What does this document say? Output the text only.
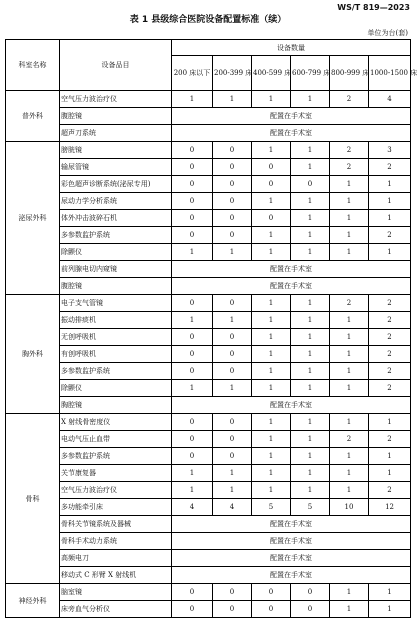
WS/T 819—2023
表 1 县级综合医院设备配置标准（续）
单位为台(套)
科室名称	设备品目	设备数量					
		200 床以下	200-399 床	400-599 床	600-799 床	800-999 床	1000-1500 床
普外科	空气压力波治疗仪	1	1	1	1	2	4
	腹腔镜	配置在手术室					
	超声刀系统	配置在手术室					
泌尿外科	膀胱镜	0	0	1	1	2	3
	输尿管镜	0	0	0	1	2	2
	彩色超声诊断系统(泌尿专用)	0	0	0	0	1	1
	尿动力学分析系统	0	0	1	1	1	1
	体外冲击波碎石机	0	0	0	1	1	1
	多参数监护系统	0	0	1	1	1	2
	除颤仪	1	1	1	1	1	1
	前列腺电切内窥镜	配置在手术室					
	腹腔镜	配置在手术室					
胸外科	电子支气管镜	0	0	1	1	2	2
	振动排痰机	1	1	1	1	1	2
	无创呼吸机	0	0	1	1	1	2
	有创呼吸机	0	0	1	1	1	2
	多参数监护系统	0	0	1	1	1	2
	除颤仪	1	1	1	1	1	2
	胸腔镜	配置在手术室					
骨科	X 射线骨密度仪	0	0	1	1	1	1
	电动气压止血带	0	0	1	1	2	2
	多参数监护系统	0	0	1	1	1	1
	关节康复器	1	1	1	1	1	1
	空气压力波治疗仪	1	1	1	1	1	2
	多功能牵引床	4	4	5	5	10	12
	骨科关节镜系统及器械	配置在手术室					
	骨科手术动力系统	配置在手术室					
	高频电刀	配置在手术室					
	移动式 C 形臂 X 射线机	配置在手术室					
神经外科	脑室镜	0	0	0	0	1	1
	床旁血气分析仪	0	0	0	0	1	1
